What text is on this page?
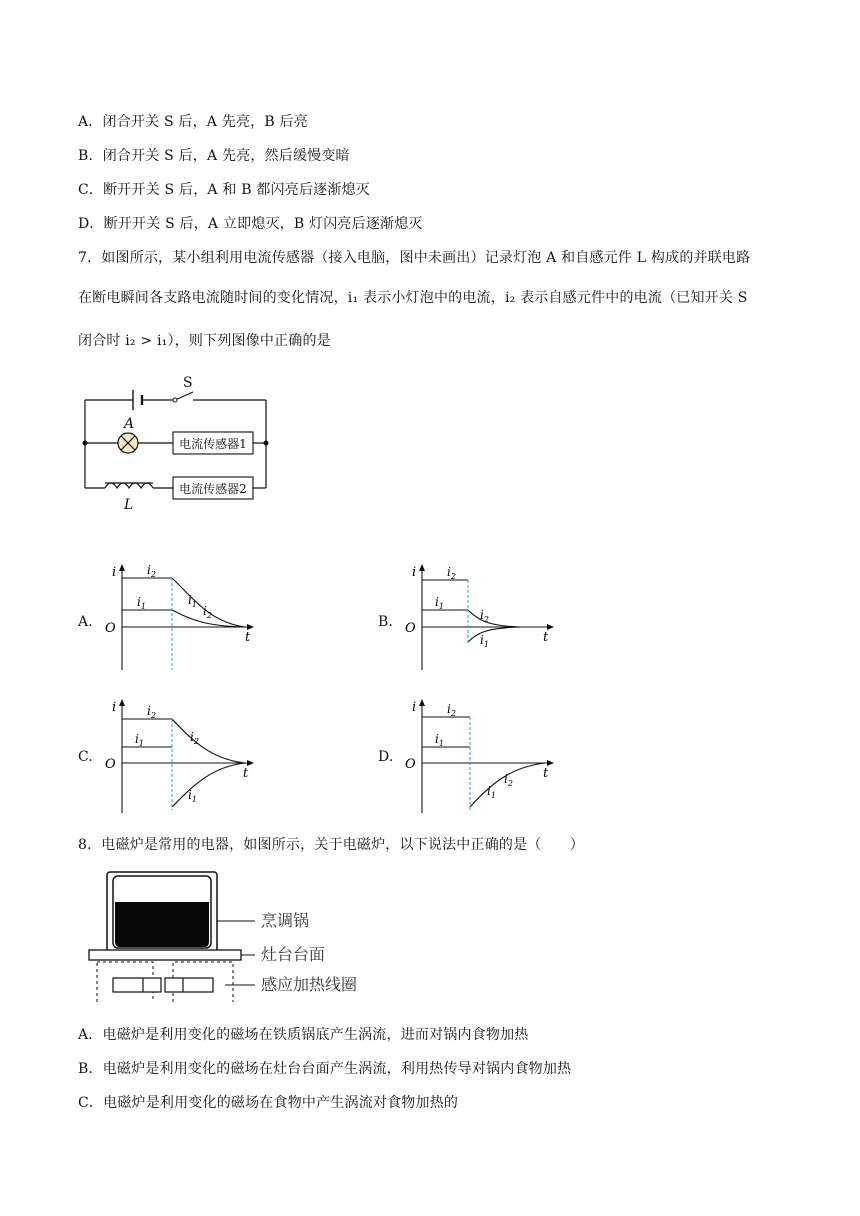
A．闭合开关 S 后，A 先亮，B 后亮
B．闭合开关 S 后，A 先亮，然后缓慢变暗
C．断开开关 S 后，A 和 B 都闪亮后逐渐熄灭
D．断开开关 S 后，A 立即熄灭，B 灯闪亮后逐渐熄灭
7．如图所示，某小组利用电流传感器（接入电脑，图中未画出）记录灯泡 A 和自感元件 L 构成的并联电路
在断电瞬间各支路电流随时间的变化情况，i₁ 表示小灯泡中的电流，i₂ 表示自感元件中的电流（已知开关 S
闭合时 i₂ > i₁），则下列图像中正确的是
S
A
电流传感器1
L
电流传感器2
A.	B.
C.	D.
i
t
O
$i_2$
$i_1$	$i_1$ $i_2$
i
t
O
$i_2$
$i_1$
$i_2$
$i_1$
i
t
O
$i_2$
$i_1$	$i_2$
$i_1$
i
t
O
$i_2$
$i_1$
$i_2$
$i_1$
8．电磁炉是常用的电器，如图所示，关于电磁炉，以下说法中正确的是（　　）
烹调锅
灶台台面
感应加热线圈
A．电磁炉是利用变化的磁场在铁质锅底产生涡流，进而对锅内食物加热
B．电磁炉是利用变化的磁场在灶台台面产生涡流，利用热传导对锅内食物加热
C．电磁炉是利用变化的磁场在食物中产生涡流对食物加热的
